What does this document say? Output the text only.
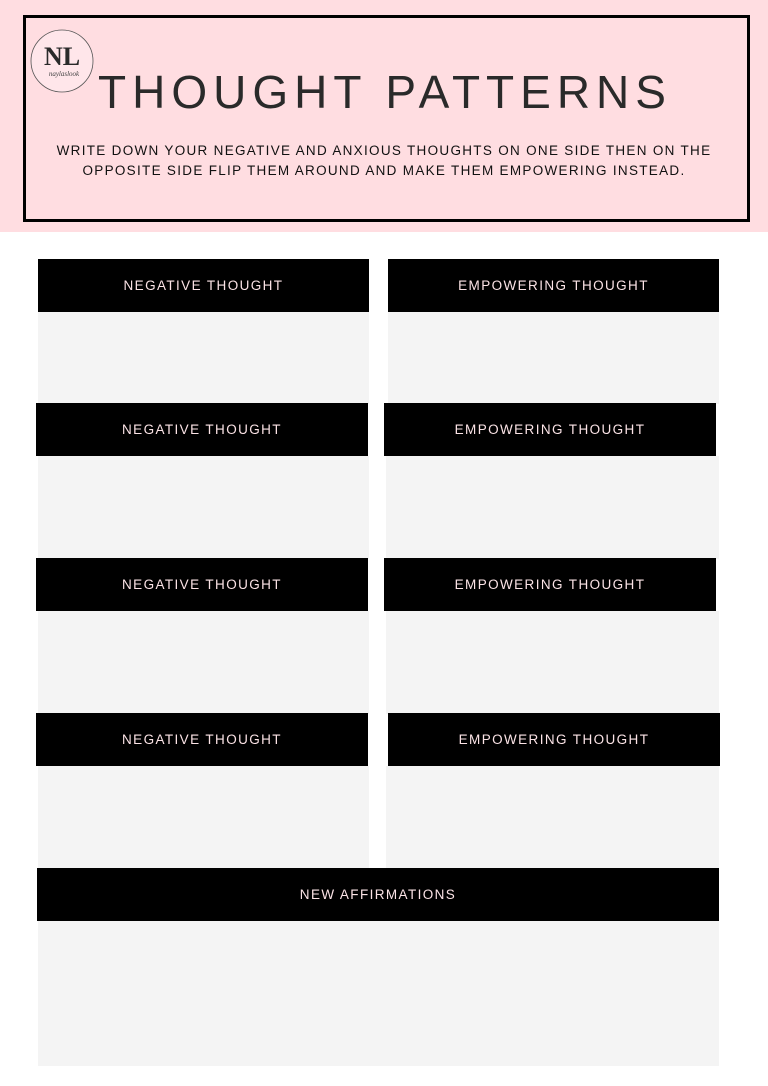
NL
naylaslook THOUGHT PATTERNS
WRITE DOWN YOUR NEGATIVE AND ANXIOUS THOUGHTS ON ONE SIDE THEN ON THE OPPOSITE SIDE FLIP THEM AROUND AND MAKE THEM EMPOWERING INSTEAD.
NEGATIVE THOUGHT	EMPOWERING THOUGHT
NEGATIVE THOUGHT	EMPOWERING THOUGHT
NEGATIVE THOUGHT	EMPOWERING THOUGHT
NEGATIVE THOUGHT	EMPOWERING THOUGHT
NEW AFFIRMATIONS
